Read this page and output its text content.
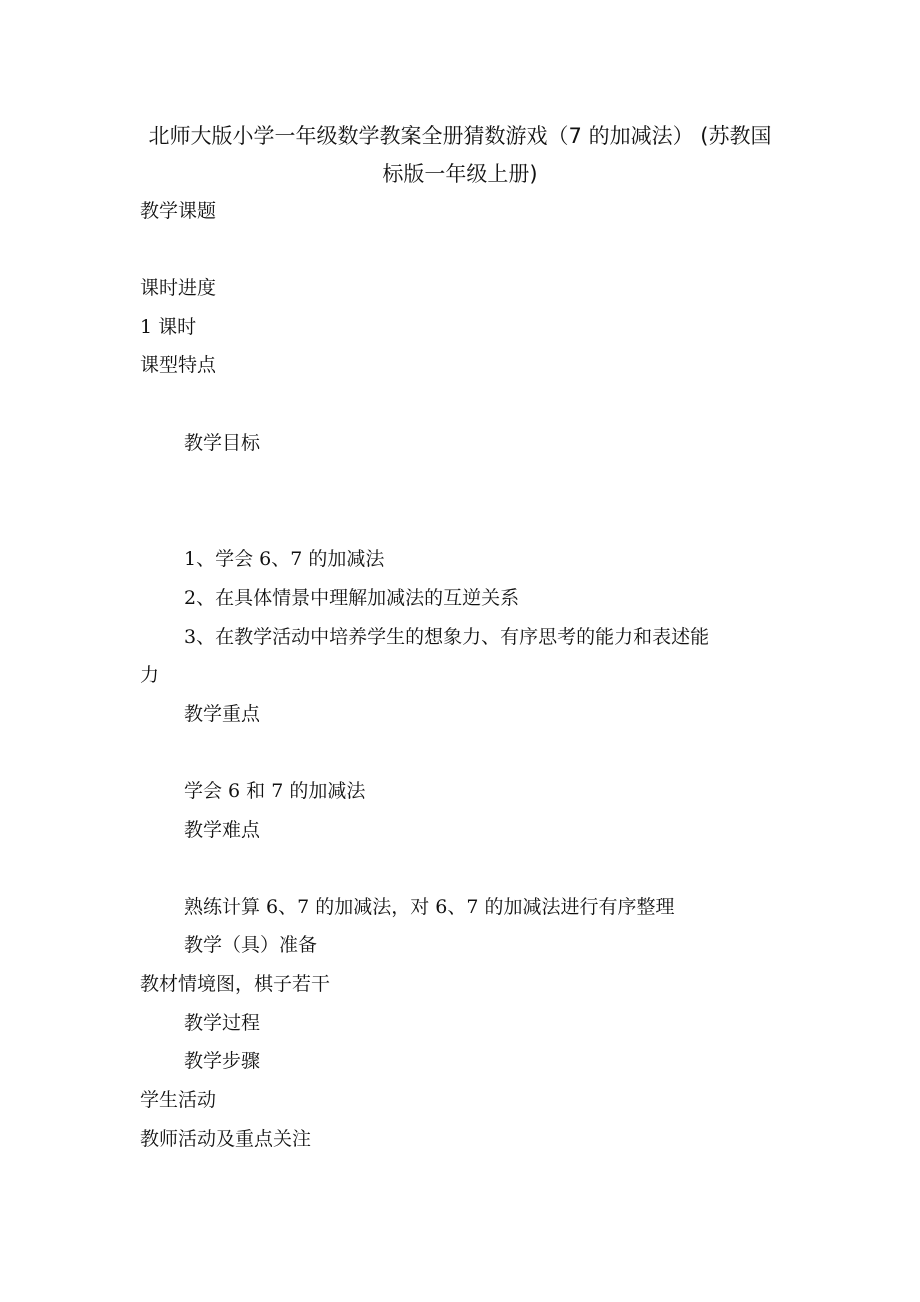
北师大版小学一年级数学教案全册猜数游戏（7 的加减法） (苏教国
标版一年级上册)
教学课题
课时进度
1 课时
课型特点
教学目标
1、学会 6、7 的加减法
2、在具体情景中理解加减法的互逆关系
3、在教学活动中培养学生的想象力、有序思考的能力和表述能
力
教学重点
学会 6 和 7 的加减法
教学难点
熟练计算 6、7 的加减法，对 6、7 的加减法进行有序整理
教学（具）准备
教材情境图，棋子若干
教学过程
教学步骤
学生活动
教师活动及重点关注
